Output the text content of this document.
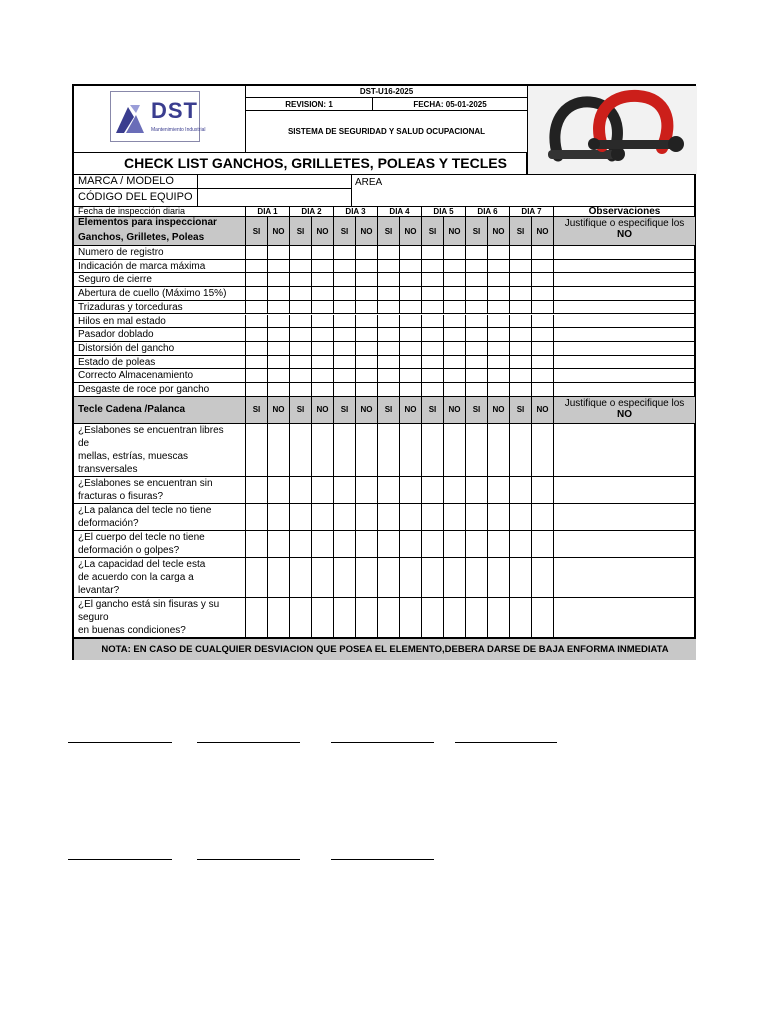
DST
Mantenimiento Industrial
DST-U16-2025
REVISION: 1	FECHA: 05-01-2025
SISTEMA DE SEGURIDAD Y SALUD OCUPACIONAL
CHECK LIST GANCHOS, GRILLETES, POLEAS Y TECLES
MARCA / MODELO	AREA
CÓDIGO DEL EQUIPO
Fecha de inspección diaria	DIA 1	DIA 2	DIA 3	DIA 4	DIA 5	DIA 6	DIA 7	Observaciones
Elementos para inspeccionar
Ganchos, Grilletes, Poleas
SI	NO	SI	NO	SI	NO	SI	NO	SI	NO	SI	NO	SI	NO
Justifique o especifique los
NO
Numero de registro
Indicación de marca máxima
Seguro de cierre
Abertura de cuello (Máximo 15%)
Trizaduras y torceduras
Hilos en mal estado
Pasador doblado
Distorsión del gancho
Estado de poleas
Correcto Almacenamiento
Desgaste de roce por gancho
Tecle Cadena /Palanca	SI	NO	SI	NO	SI	NO	SI	NO	SI	NO	SI	NO	SI	NO
Justifique o especifique los
NO
¿Eslabones se encuentran libres
de
mellas, estrías, muescas
transversales
¿Eslabones se encuentran sin
fracturas o fisuras?
¿La palanca del tecle no tiene
deformación?
¿El cuerpo del tecle no tiene
deformación o golpes?
¿La capacidad del tecle esta
de acuerdo con la carga a
levantar?
¿El gancho está sin fisuras y su
seguro
en buenas condiciones?
NOTA: EN CASO DE CUALQUIER DESVIACION QUE POSEA EL ELEMENTO,DEBERA DARSE DE BAJA ENFORMA INMEDIATA
